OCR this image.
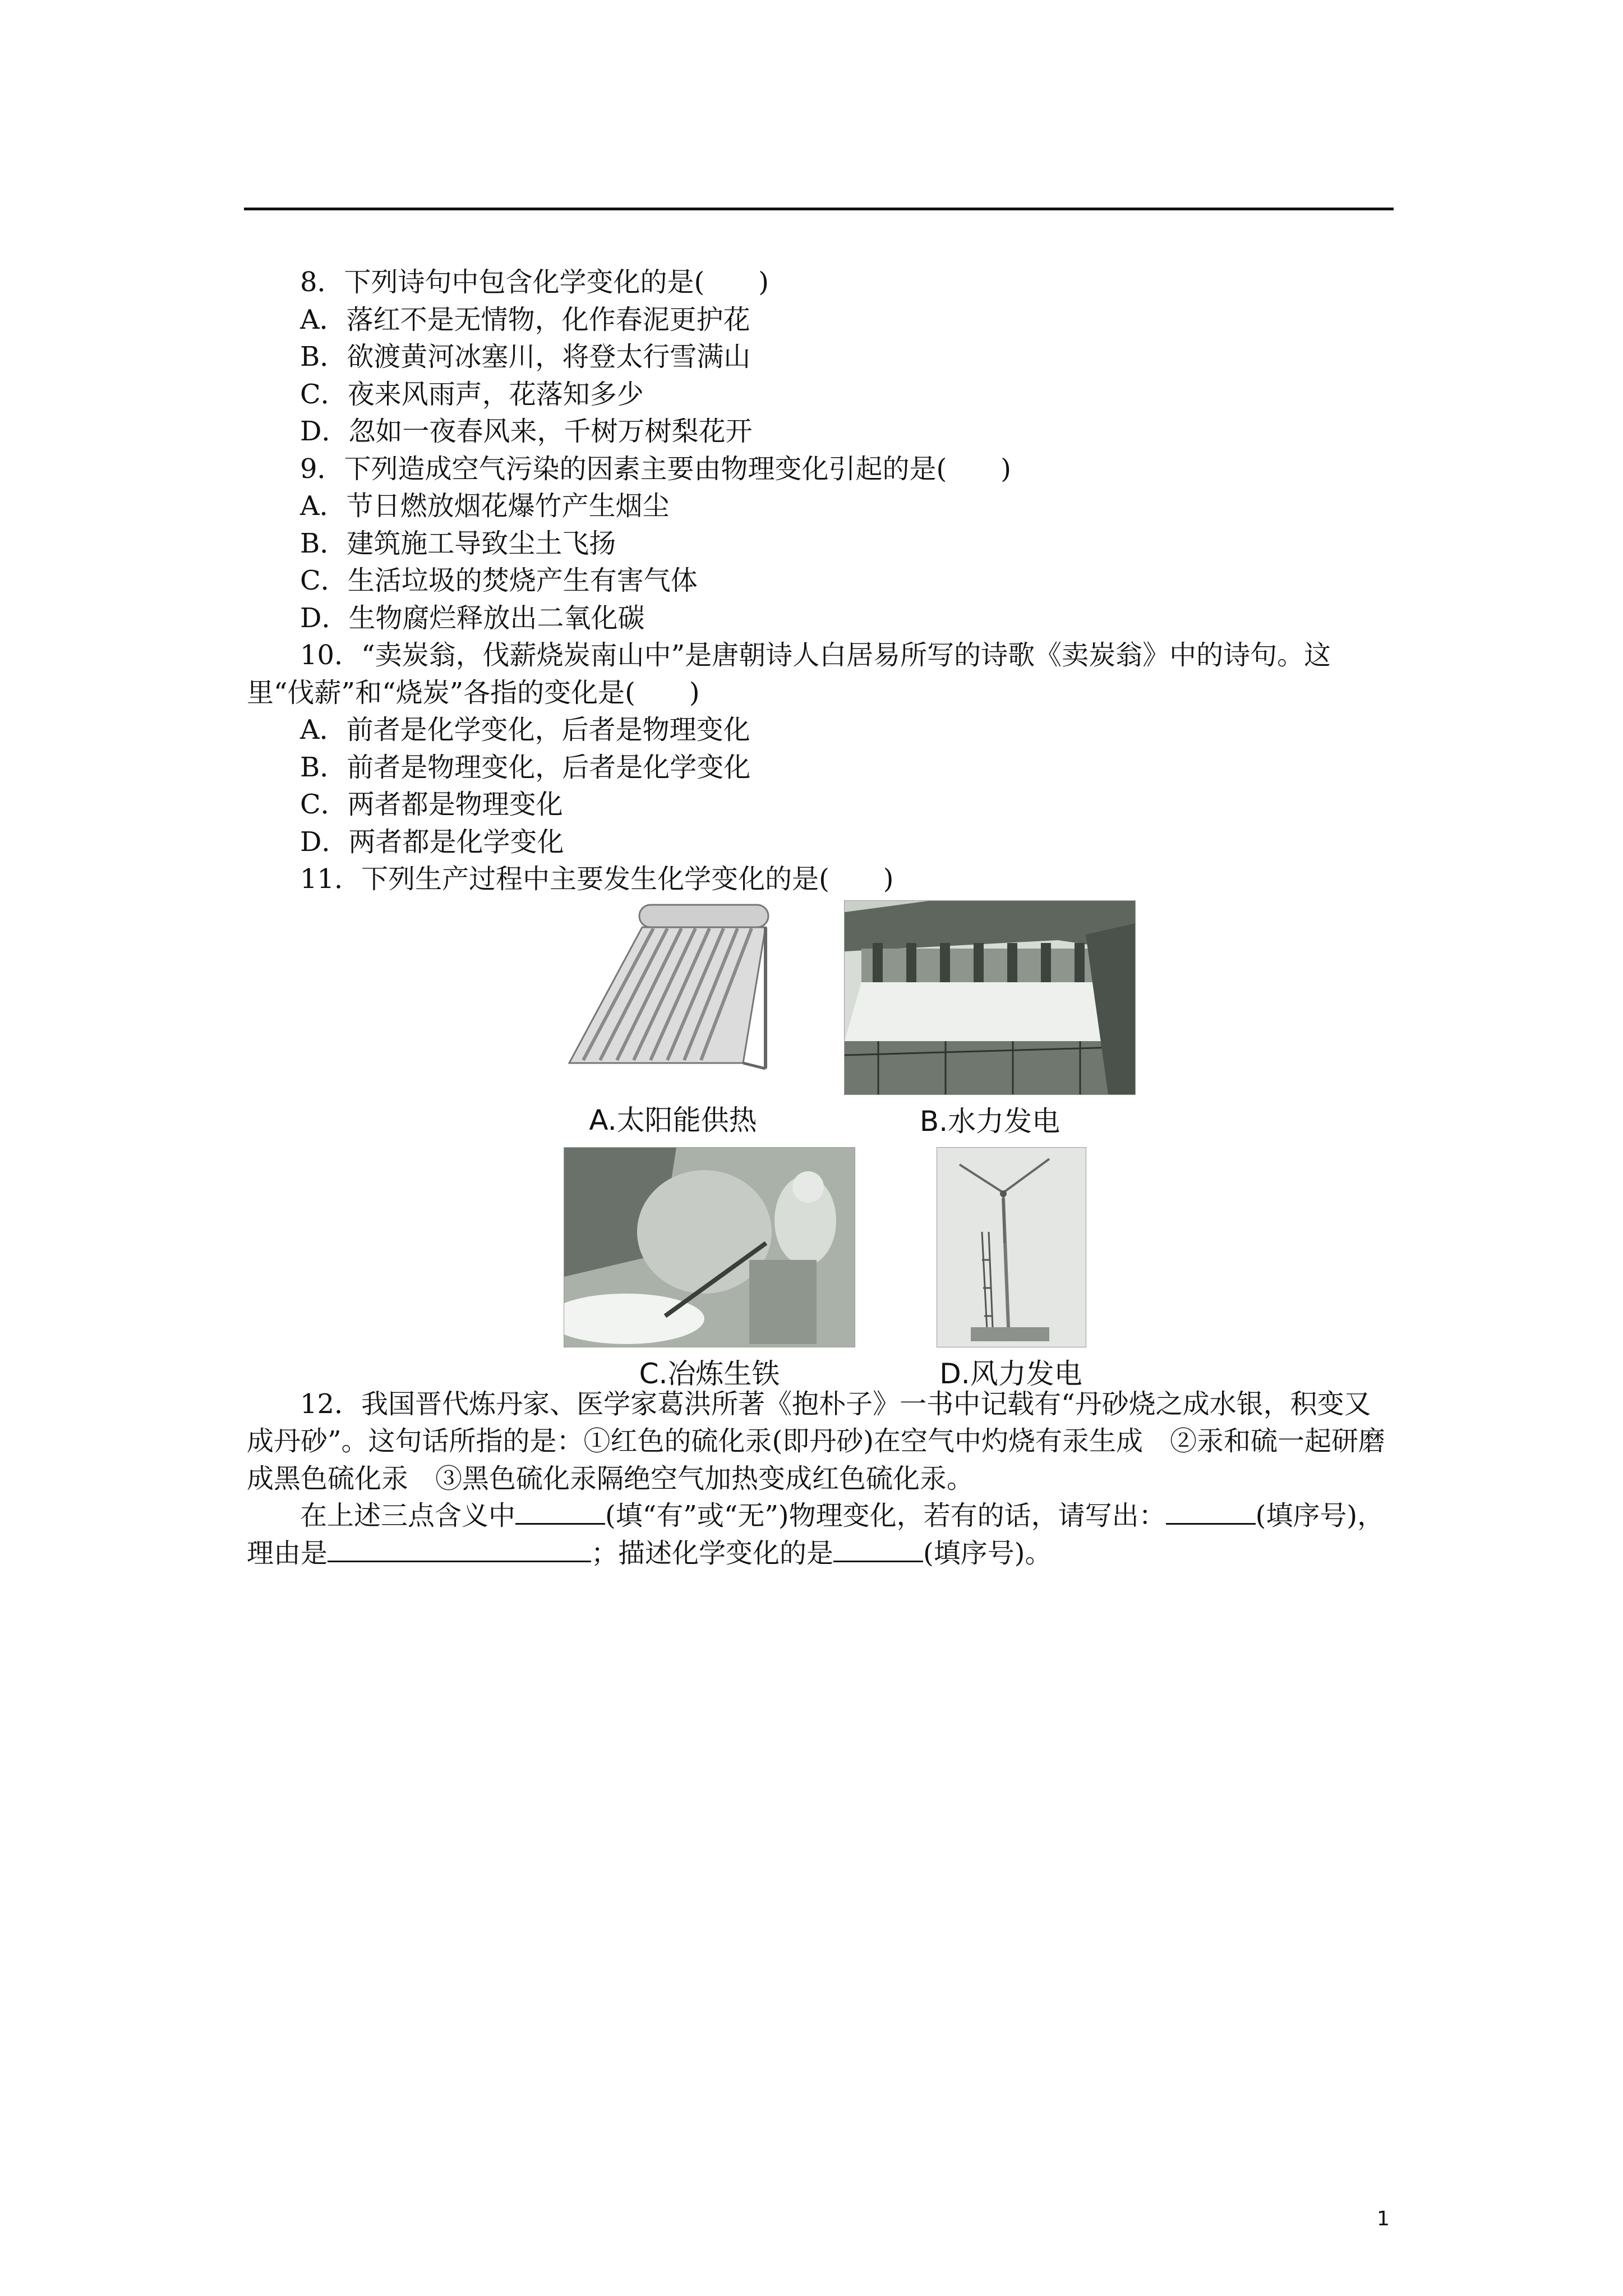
8．下列诗句中包含化学变化的是(　　)

A．落红不是无情物，化作春泥更护花

B．欲渡黄河冰塞川，将登太行雪满山

C．夜来风雨声，花落知多少

D．忽如一夜春风来，千树万树梨花开

9．下列造成空气污染的因素主要由物理变化引起的是(　　)

A．节日燃放烟花爆竹产生烟尘

B．建筑施工导致尘土飞扬

C．生活垃圾的焚烧产生有害气体

D．生物腐烂释放出二氧化碳

10．“卖炭翁，伐薪烧炭南山中”是唐朝诗人白居易所写的诗歌《卖炭翁》中的诗句。这里“伐薪”和“烧炭”各指的变化是(　　)

A．前者是化学变化，后者是物理变化

B．前者是物理变化，后者是化学变化

C．两者都是物理变化

D．两者都是化学变化

11．下列生产过程中主要发生化学变化的是(　　)

A.太阳能供热	B.水力发电
C.冶炼生铁	D.风力发电

12．我国晋代炼丹家、医学家葛洪所著《抱朴子》一书中记载有“丹砂烧之成水银，积变又成丹砂”。这句话所指的是：①红色的硫化汞(即丹砂)在空气中灼烧有汞生成　②汞和硫一起研磨成黑色硫化汞　③黑色硫化汞隔绝空气加热变成红色硫化汞。

在上述三点含义中	(填“有”或“无”)物理变化，若有的话，请写出：	(填序号)，理由是	；描述化学变化的是	(填序号)。

1
